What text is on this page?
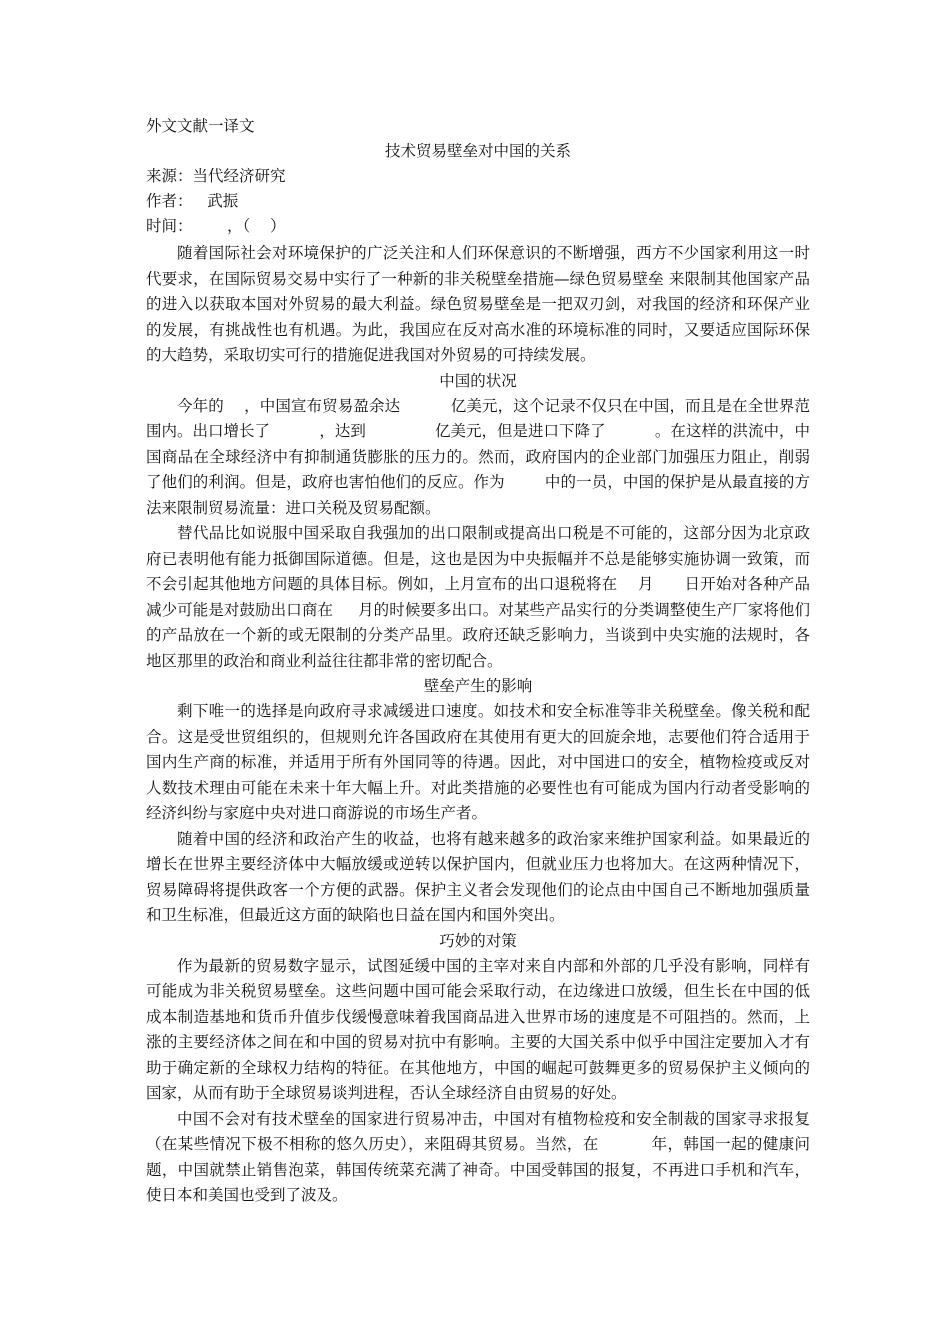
外文文献一译文

技术贸易壁垒对中国的关系

来源：当代经济研究

作者：   武振

时间：       ，（    ）

随着国际社会对环境保护的广泛关注和人们环保意识的不断增强，西方不少国家利用这一时代要求，在国际贸易交易中实行了一种新的非关税壁垒措施—绿色贸易壁垒 来限制其他国家产品的进入以获取本国对外贸易的最大利益。绿色贸易壁垒是一把双刃剑，对我国的经济和环保产业的发展，有挑战性也有机遇。为此，我国应在反对高水准的环境标准的同时，又要适应国际环保的大趋势，采取切实可行的措施促进我国对外贸易的可持续发展。

中国的状况

今年的    ，中国宣布贸易盈余达          亿美元，这个记录不仅只在中国，而且是在全世界范围内。出口增长了          ，达到              亿美元，但是进口下降了          。在这样的洪流中，中国商品在全球经济中有抑制通货膨胀的压力的。然而，政府国内的企业部门加强压力阻止，削弱了他们的利润。但是，政府也害怕他们的反应。作为        中的一员，中国的保护是从最直接的方法来限制贸易流量：进口关税及贸易配额。

替代品比如说服中国采取自我强加的出口限制或提高出口税是不可能的，这部分因为北京政府已表明他有能力抵御国际道德。但是，这也是因为中央振幅并不总是能够实施协调一致策，而不会引起其他地方问题的具体目标。例如，上月宣布的出口退税将在    月      日开始对各种产品减少可能是对鼓励出口商在     月的时候要多出口。对某些产品实行的分类调整使生产厂家将他们的产品放在一个新的或无限制的分类产品里。政府还缺乏影响力，当谈到中央实施的法规时，各地区那里的政治和商业利益往往都非常的密切配合。

壁垒产生的影响

剩下唯一的选择是向政府寻求减缓进口速度。如技术和安全标准等非关税壁垒。像关税和配合。这是受世贸组织的，但规则允许各国政府在其使用有更大的回旋余地，志要他们符合适用于国内生产商的标准，并适用于所有外国同等的待遇。因此，对中国进口的安全，植物检疫或反对人数技术理由可能在未来十年大幅上升。对此类措施的必要性也有可能成为国内行动者受影响的经济纠纷与家庭中央对进口商游说的市场生产者。

随着中国的经济和政治产生的收益，也将有越来越多的政治家来维护国家利益。如果最近的增长在世界主要经济体中大幅放缓或逆转以保护国内，但就业压力也将加大。在这两种情况下，贸易障碍将提供政客一个方便的武器。保护主义者会发现他们的论点由中国自己不断地加强质量和卫生标准，但最近这方面的缺陷也日益在国内和国外突出。

巧妙的对策

作为最新的贸易数字显示，试图延缓中国的主宰对来自内部和外部的几乎没有影响，同样有可能成为非关税贸易壁垒。这些问题中国可能会采取行动，在边缘进口放缓，但生长在中国的低成本制造基地和货币升值步伐缓慢意味着我国商品进入世界市场的速度是不可阻挡的。然而，上涨的主要经济体之间在和中国的贸易对抗中有影响。主要的大国关系中似乎中国注定要加入才有助于确定新的全球权力结构的特征。在其他地方，中国的崛起可鼓舞更多的贸易保护主义倾向的国家，从而有助于全球贸易谈判进程，否认全球经济自由贸易的好处。

中国不会对有技术壁垒的国家进行贸易冲击，中国对有植物检疫和安全制裁的国家寻求报复（在某些情况下极不相称的悠久历史），来阻碍其贸易。当然，在          年，韩国一起的健康问题，中国就禁止销售泡菜，韩国传统菜充满了神奇。中国受韩国的报复，不再进口手机和汽车，使日本和美国也受到了波及。
